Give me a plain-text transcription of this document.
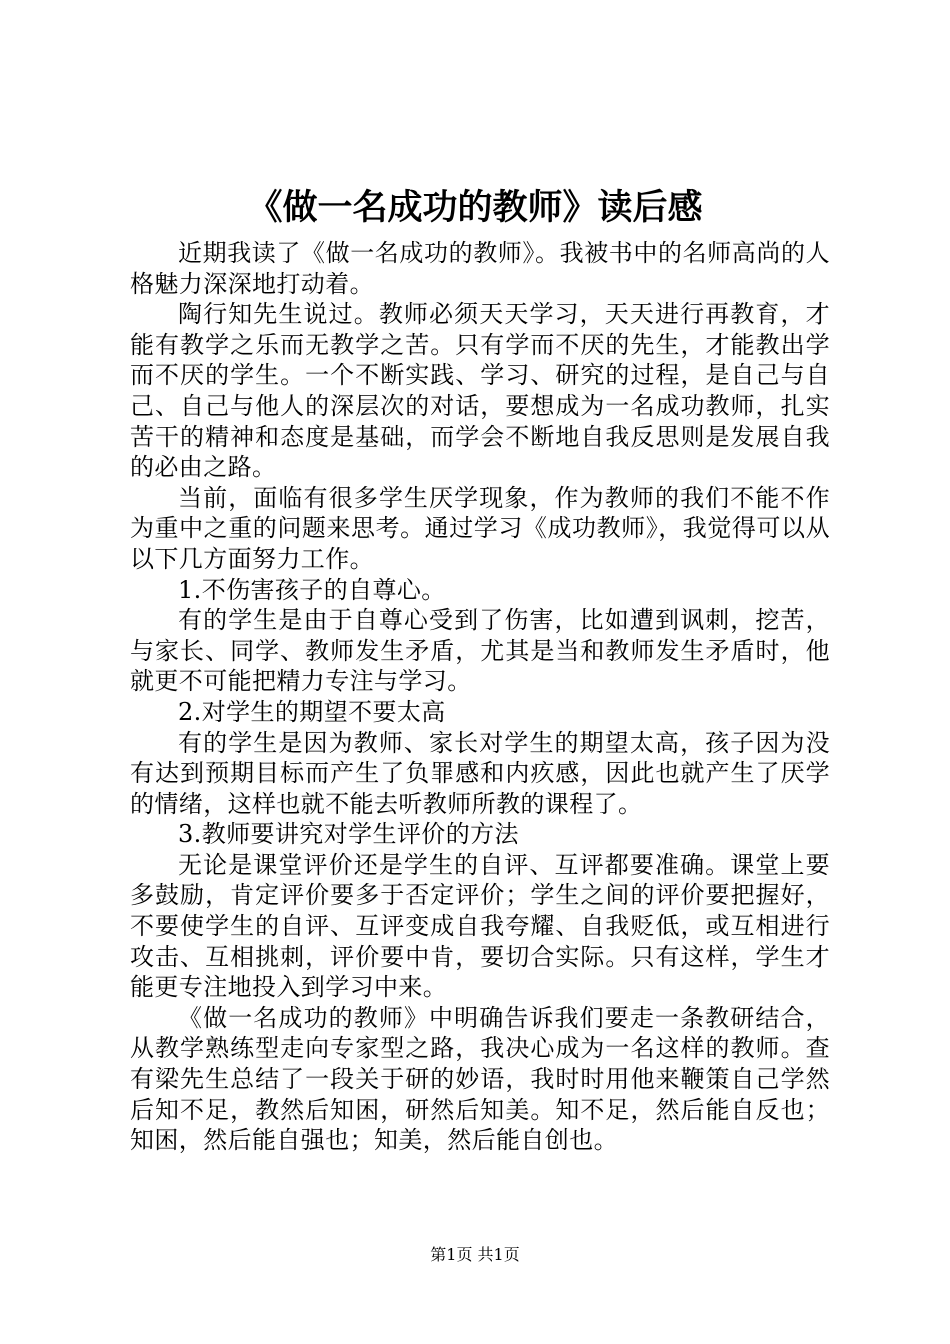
《做一名成功的教师》读后感

近期我读了《做一名成功的教师》。我被书中的名师高尚的人格魅力深深地打动着。

陶行知先生说过。教师必须天天学习，天天进行再教育，才能有教学之乐而无教学之苦。只有学而不厌的先生，才能教出学而不厌的学生。一个不断实践、学习、研究的过程，是自己与自己、自己与他人的深层次的对话，要想成为一名成功教师，扎实苦干的精神和态度是基础，而学会不断地自我反思则是发展自我的必由之路。

当前，面临有很多学生厌学现象，作为教师的我们不能不作为重中之重的问题来思考。通过学习《成功教师》，我觉得可以从以下几方面努力工作。

1.不伤害孩子的自尊心。

有的学生是由于自尊心受到了伤害，比如遭到讽刺，挖苦，与家长、同学、教师发生矛盾，尤其是当和教师发生矛盾时，他就更不可能把精力专注与学习。

2.对学生的期望不要太高

有的学生是因为教师、家长对学生的期望太高，孩子因为没有达到预期目标而产生了负罪感和内疚感，因此也就产生了厌学的情绪，这样也就不能去听教师所教的课程了。

3.教师要讲究对学生评价的方法

无论是课堂评价还是学生的自评、互评都要准确。课堂上要多鼓励，肯定评价要多于否定评价；学生之间的评价要把握好，不要使学生的自评、互评变成自我夸耀、自我贬低，或互相进行攻击、互相挑刺，评价要中肯，要切合实际。只有这样，学生才能更专注地投入到学习中来。

《做一名成功的教师》中明确告诉我们要走一条教研结合，从教学熟练型走向专家型之路，我决心成为一名这样的教师。查有梁先生总结了一段关于研的妙语，我时时用他来鞭策自己学然后知不足，教然后知困，研然后知美。知不足，然后能自反也；知困，然后能自强也；知美，然后能自创也。

第1页 共1页
